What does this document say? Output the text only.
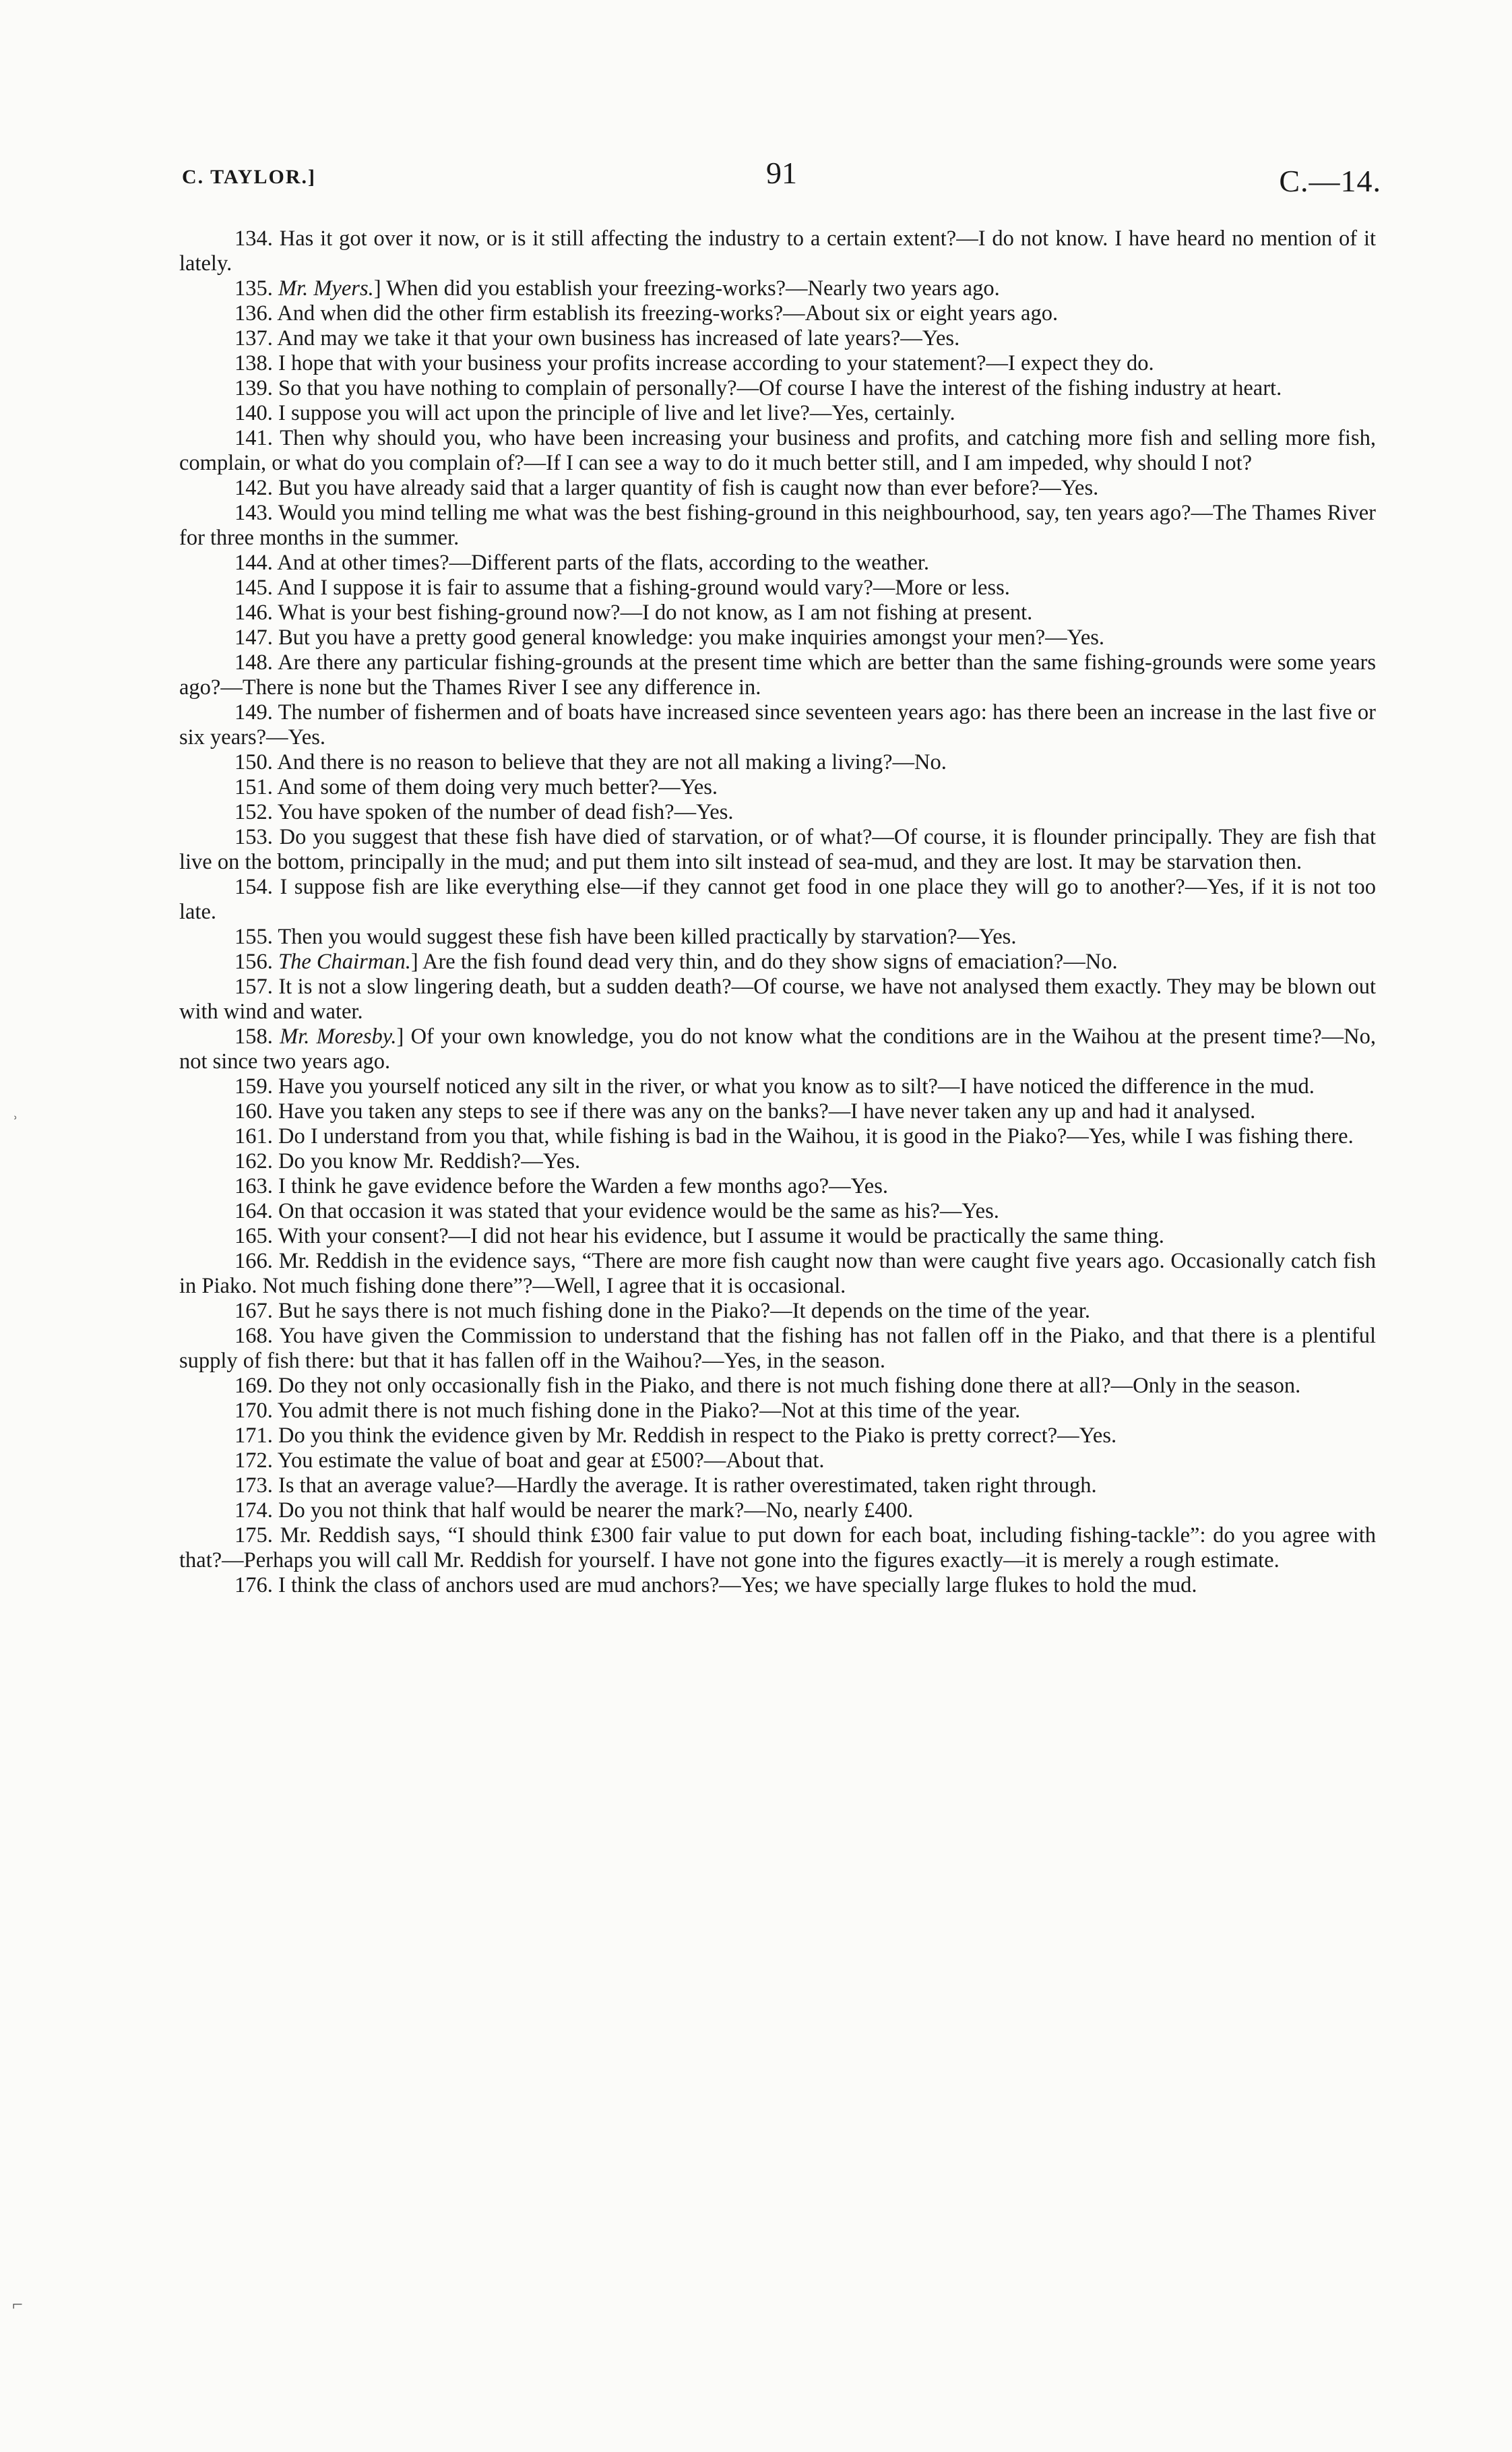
C. TAYLOR.]	91	C.—14.

134. Has it got over it now, or is it still affecting the industry to a certain extent?—I do not know. I have heard no mention of it lately.

135. Mr. Myers.] When did you establish your freezing-works?—Nearly two years ago.

136. And when did the other firm establish its freezing-works?—About six or eight years ago.

137. And may we take it that your own business has increased of late years?—Yes.

138. I hope that with your business your profits increase according to your statement?—I expect they do.

139. So that you have nothing to complain of personally?—Of course I have the interest of the fishing industry at heart.

140. I suppose you will act upon the principle of live and let live?—Yes, certainly.

141. Then why should you, who have been increasing your business and profits, and catching more fish and selling more fish, complain, or what do you complain of?—If I can see a way to do it much better still, and I am impeded, why should I not?

142. But you have already said that a larger quantity of fish is caught now than ever before?—Yes.

143. Would you mind telling me what was the best fishing-ground in this neighbourhood, say, ten years ago?—The Thames River for three months in the summer.

144. And at other times?—Different parts of the flats, according to the weather.

145. And I suppose it is fair to assume that a fishing-ground would vary?—More or less.

146. What is your best fishing-ground now?—I do not know, as I am not fishing at present.

147. But you have a pretty good general knowledge: you make inquiries amongst your men?—Yes.

148. Are there any particular fishing-grounds at the present time which are better than the same fishing-grounds were some years ago?—There is none but the Thames River I see any difference in.

149. The number of fishermen and of boats have increased since seventeen years ago: has there been an increase in the last five or six years?—Yes.

150. And there is no reason to believe that they are not all making a living?—No.

151. And some of them doing very much better?—Yes.

152. You have spoken of the number of dead fish?—Yes.

153. Do you suggest that these fish have died of starvation, or of what?—Of course, it is flounder principally. They are fish that live on the bottom, principally in the mud; and put them into silt instead of sea-mud, and they are lost. It may be starvation then.

154. I suppose fish are like everything else—if they cannot get food in one place they will go to another?—Yes, if it is not too late.

155. Then you would suggest these fish have been killed practically by starvation?—Yes.

156. The Chairman.] Are the fish found dead very thin, and do they show signs of emaciation?—No.

157. It is not a slow lingering death, but a sudden death?—Of course, we have not analysed them exactly. They may be blown out with wind and water.

158. Mr. Moresby.] Of your own knowledge, you do not know what the conditions are in the Waihou at the present time?—No, not since two years ago.

159. Have you yourself noticed any silt in the river, or what you know as to silt?—I have noticed the difference in the mud.

160. Have you taken any steps to see if there was any on the banks?—I have never taken any up and had it analysed.

161. Do I understand from you that, while fishing is bad in the Waihou, it is good in the Piako?—Yes, while I was fishing there.

162. Do you know Mr. Reddish?—Yes.

163. I think he gave evidence before the Warden a few months ago?—Yes.

164. On that occasion it was stated that your evidence would be the same as his?—Yes.

165. With your consent?—I did not hear his evidence, but I assume it would be practically the same thing.

166. Mr. Reddish in the evidence says, “There are more fish caught now than were caught five years ago. Occasionally catch fish in Piako. Not much fishing done there”?—Well, I agree that it is occasional.

167. But he says there is not much fishing done in the Piako?—It depends on the time of the year.

168. You have given the Commission to understand that the fishing has not fallen off in the Piako, and that there is a plentiful supply of fish there: but that it has fallen off in the Waihou?—Yes, in the season.

169. Do they not only occasionally fish in the Piako, and there is not much fishing done there at all?—Only in the season.

170. You admit there is not much fishing done in the Piako?—Not at this time of the year.

171. Do you think the evidence given by Mr. Reddish in respect to the Piako is pretty correct?—Yes.

172. You estimate the value of boat and gear at £500?—About that.

173. Is that an average value?—Hardly the average. It is rather overestimated, taken right through.

174. Do you not think that half would be nearer the mark?—No, nearly £400.

175. Mr. Reddish says, “I should think £300 fair value to put down for each boat, including fishing-tackle”: do you agree with that?—Perhaps you will call Mr. Reddish for yourself. I have not gone into the figures exactly—it is merely a rough estimate.

176. I think the class of anchors used are mud anchors?—Yes; we have specially large flukes to hold the mud.

˒
⌐
